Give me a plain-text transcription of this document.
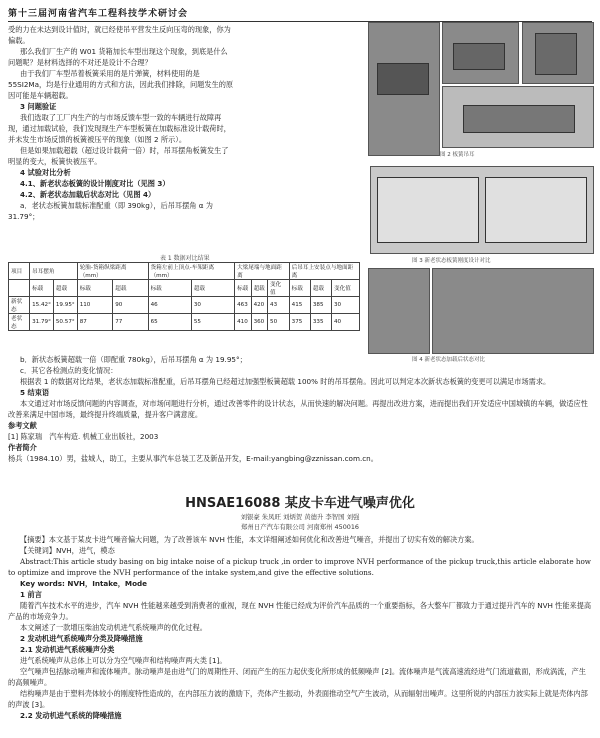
第十三届河南省汽车工程科技学术研讨会
受的力在未达到设计值时，就已经使吊平营发生反向压弯的现象，你为
偏载。
那么我们厂生产的 W01 货箱加长车型出现这个现象，到底是什么
问题呢？是材料选择的不对还是设计不合理？
由于我们厂车型吊着板簧采用的是片弹簧，材料使用的是
55SI2Ma，均是行业通用的方式和方法，因此我们排除，问题发生的原
因可能是车辆超载。
3 问题验证
我们选取了工厂内生产的与市场反馈车型一致的车辆进行故障再
现，通过加载试验，我们发现现生产车型板簧在加载标准设计载荷时，
并未发生市场反馈的板簧被压平的现象（如图 2 所示）。
但是如果加载超载（超过设计载荷一倍）时，吊耳摆角板簧发生了
明显的变大，板簧快被压平。
4 试验对比分析
4.1、新老状态板簧的设计刚度对比（见图 3）
4.2、新老状态加载后状态对比（见图 4）
a．老状态板簧加载标准配重（即 390kg），后吊耳摆角 α 为
31.79°；
图 2 板簧吊耳
图 3 新老状态板簧刚度设计对比
图 4 新老状态加载后状态对比
表 1 数据对比结果
项目	吊耳摆角		轮胎-货箱纵梁距离（mm）		货箱左前上顶点-车架距离（mm）		大梁尾端与地面距离			后吊耳上安装点与地面距离		
	标载	超载	标载	超载	标载	超载	标载	超载	变化值	标载	超载	变化值
新状态	15.42°	19.95°	110	90	46	30	463	420	43	415	385	30
老状态	31.79°	50.57°	87	77	65	55	410	360	50	375	335	40
b．新状态板簧超载一倍（即配重 780kg），后吊耳摆角 α 为 19.95°；
c．其它各检测点的变化情况：
根据表 1 的数据对比结果，老状态加载标准配重，后吊耳摆角已经超过加强型板簧超载 100% 时的吊耳摆角。因此可以判定本次新状态板簧的变更可以满足市场需求。
5 结束语
本文通过对市场反馈问题的内容调查，对市场问题进行分析，通过改善零件的设计状态，从而快速的解决问题。再提出改进方案，进而提出我们开发适应中国城镇的车辆，做适应性改善来满足中国市场，最终提升终端质量，提升客户满意度。
参考文献
[1] 陈家瑞　汽车构造. 机械工业出版社，2003
作者简介
杨兵（1984.10）男，盐城人，助工，主要从事汽车总装工艺及新品开发，E-mail:yangbing@zznissan.com.cn。
HNSAE16088 某皮卡车进气噪声优化
刘银豪 朱凤旺 刘炳贺 黄德升 李智国 刘强
郑州日产汽车有限公司 河南郑州 450016
【摘要】本文基于某皮卡进气噪音偏大问题，为了改善该车 NVH 性能，本文详细阐述如何优化和改善进气噪音，并提出了切实有效的解决方案。
【关键词】NVH，进气，模态
Abstract:This article study basing on big intake noise of a pickup truck ,in order to improve NVH performance of the pickup truck,this article elaborate how to optimize and improve the NVH performance of the intake system,and give the effective solutions.
Key words: NVH，Intake，Mode
1 前言
随着汽车技术水平的进步，汽车 NVH 性能越来越受到消费者的重视，现在 NVH 性能已经成为评价汽车品质的一个重要指标，各大整车厂都致力于通过提升汽车的 NVH 性能来提高产品的市场竞争力。
本文阐述了一款增压柴油发动机进气系统噪声的优化过程。
2 发动机进气系统噪声分类及降噪措施
2.1 发动机进气系统噪声分类
进气系统噪声从总体上可以分为空气噪声和结构噪声两大类 [1]。
空气噪声包括脉动噪声和流体噪声。脉动噪声是由进气门的周期性开、闭而产生的压力起伏变化所形成的低频噪声 [2]。流体噪声是气流高速流经进气门流道截面，形成涡流，产生的高频噪声。
结构噪声是由于塑料壳体较小的刚度特性造成的，在内部压力波的激励下，壳体产生振动，外表面推动空气产生波动，从而辐射出噪声。这里所说的内部压力波实际上就是壳体内部的声波 [3]。
2.2 发动机进气系统的降噪措施
